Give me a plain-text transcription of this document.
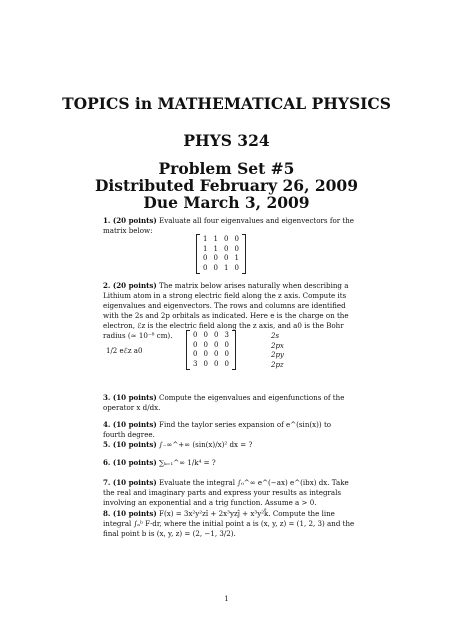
TOPICS in MATHEMATICAL PHYSICS
PHYS 324
Problem Set #5
Distributed February 26, 2009
Due March 3, 2009

1. (20 points) Evaluate all four eigenvalues and eigenvectors for the matrix below:

1 1 0 0
1 1 0 0
0 0 0 1
0 0 1 0

2. (20 points) The matrix below arises naturally when describing a Lithium atom in a strong electric field along the z axis. Compute its eigenvalues and eigenvectors. The rows and columns are identified with the 2s and 2p orbitals as indicated. Here e is the charge on the electron, ℰz is the electric field along the z axis, and a0 is the Bohr radius (≃ 10⁻⁸ cm).

1/2 eℰz a0
0 0 0 3
0 0 0 0
0 0 0 0
3 0 0 0
2s
2px
2py
2pz

3. (10 points) Compute the eigenvalues and eigenfunctions of the operator x d/dx.

4. (10 points) Find the taylor series expansion of e^(sin(x)) to fourth degree.

5. (10 points) ∫₋∞^+∞ (sin(x)/x)² dx = ?

6. (10 points) ∑ₖ₌₁^∞ 1/k⁴ = ?

7. (10 points) Evaluate the integral ∫₀^∞ e^(−ax) e^(ibx) dx. Take the real and imaginary parts and express your results as integrals involving an exponential and a trig function. Assume a > 0.

8. (10 points) F(x) = 3x²y²zî + 2x³yzĵ + x³y²k̂. Compute the line integral ∫ₐᵇ F·dr, where the initial point a is (x, y, z) = (1, 2, 3) and the final point b is (x, y, z) = (2, −1, 3/2).

1
